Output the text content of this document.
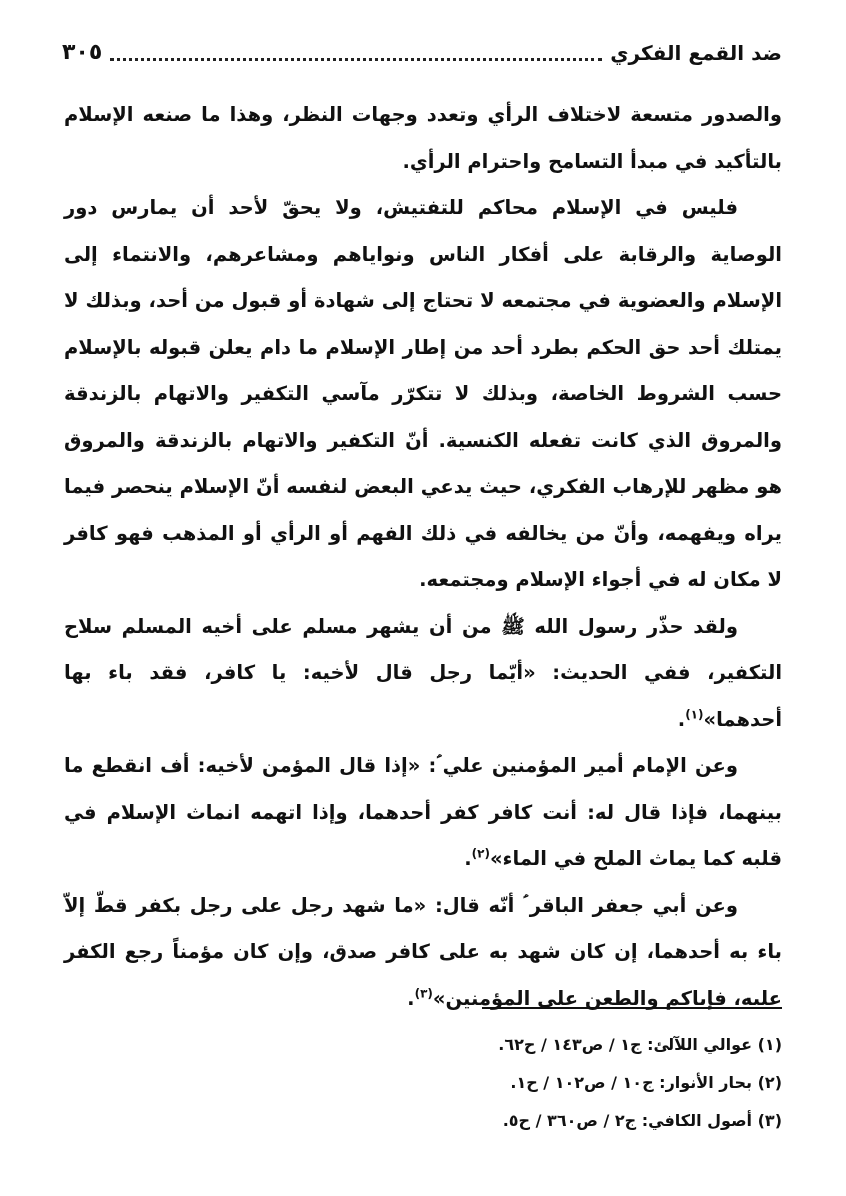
ضد القمع الفكري
٣٠٥

والصدور متسعة لاختلاف الرأي وتعدد وجهات النظر، وهذا ما صنعه الإسلام بالتأكيد في مبدأ التسامح واحترام الرأي.

فليس في الإسلام محاكم للتفتيش، ولا يحقّ لأحد أن يمارس دور الوصاية والرقابة على أفكار الناس ونواياهم ومشاعرهم، والانتماء إلى الإسلام والعضوية في مجتمعه لا تحتاج إلى شهادة أو قبول من أحد، وبذلك لا يمتلك أحد حق الحكم بطرد أحد من إطار الإسلام ما دام يعلن قبوله بالإسلام حسب الشروط الخاصة، وبذلك لا تتكرّر مآسي التكفير والاتهام بالزندقة والمروق الذي كانت تفعله الكنسية. أنّ التكفير والاتهام بالزندقة والمروق هو مظهر للإرهاب الفكري، حيث يدعي البعض لنفسه أنّ الإسلام ينحصر فيما يراه ويفهمه، وأنّ من يخالفه في ذلك الفهم أو الرأي أو المذهب فهو كافر لا مكان له في أجواء الإسلام ومجتمعه.

ولقد حذّر رسول الله ﷺ من أن يشهر مسلم على أخيه المسلم سلاح التكفير، ففي الحديث: «أيّما رجل قال لأخيه: يا كافر، فقد باء بها أحدهما»$^{(١)}$.

وعن الإمام أمير المؤمنين علي ؑ: «إذا قال المؤمن لأخيه: أف انقطع ما بينهما، فإذا قال له: أنت كافر كفر أحدهما، وإذا اتهمه انماث الإسلام في قلبه كما يماث الملح في الماء»$^{(٢)}$.

وعن أبي جعفر الباقر ؑ أنّه قال: «ما شهد رجل على رجل بكفر قطّ إلاّ باء به أحدهما، إن كان شهد به على كافر صدق، وإن كان مؤمناً رجع الكفر عليه، فإياكم والطعن على المؤمنين»$^{(٣)}$.

(١) عوالي اللآلئ: ج١ / ص١٤٣ / ح٦٢.

(٢) بحار الأنوار: ج١٠ / ص١٠٢ / ح١.

(٣) أصول الكافي: ج٢ / ص٣٦٠ / ح٥.
